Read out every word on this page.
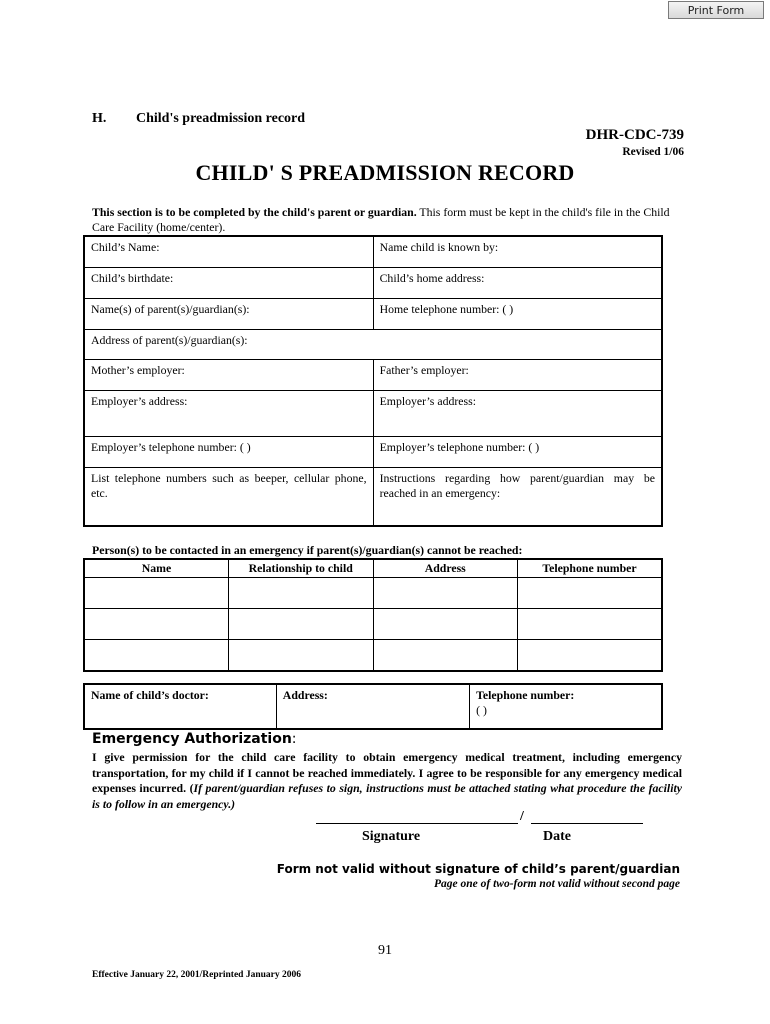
Print Form
H. Child's preadmission record
DHR-CDC-739
Revised 1/06
CHILD' S PREADMISSION RECORD
This section is to be completed by the child's parent or guardian. This form must be kept in the child's file in the Child Care Facility (home/center).
Child’s Name:	Name child is known by:
Child’s birthdate:	Child’s home address:
Name(s) of parent(s)/guardian(s):	Home telephone number: ( )
Address of parent(s)/guardian(s):	
Mother’s employer:	Father’s employer:
Employer’s address:	Employer’s address:
Employer’s telephone number: ( )	Employer’s telephone number: ( )
List telephone numbers such as beeper, cellular phone, etc.	Instructions regarding how parent/guardian may be reached in an emergency:
Person(s) to be contacted in an emergency if parent(s)/guardian(s) cannot be reached:
Name	Relationship to child	Address	Telephone number

Name of child’s doctor:	Address:	Telephone number:
( )
Emergency Authorization:
I give permission for the child care facility to obtain emergency medical treatment, including emergency transportation, for my child if I cannot be reached immediately. I agree to be responsible for any emergency medical expenses incurred. (If parent/guardian refuses to sign, instructions must be attached stating what procedure the facility is to follow in an emergency.)
/
Signature	Date
Form not valid without signature of child’s parent/guardian
Page one of two-form not valid without second page
91
Effective January 22, 2001/Reprinted January 2006
